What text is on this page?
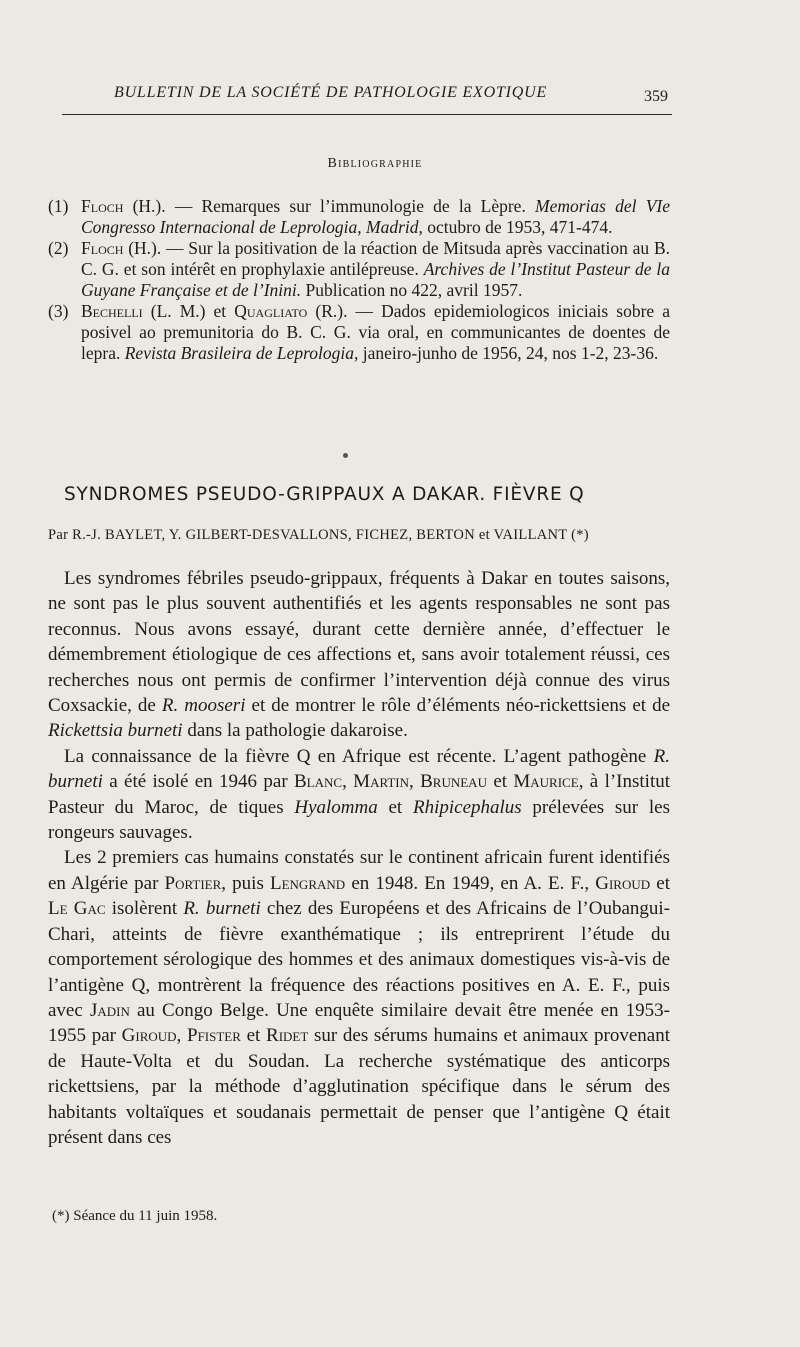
BULLETIN DE LA SOCIÉTÉ DE PATHOLOGIE EXOTIQUE	359
Bibliographie
(1) Floch (H.). — Remarques sur l’immunologie de la Lèpre. Memorias del VIe Congresso Internacional de Leprologia, Madrid, octubro de 1953, 471-474.
(2) Floch (H.). — Sur la positivation de la réaction de Mitsuda après vaccination au B. C. G. et son intérêt en prophylaxie antilépreuse. Archives de l’Institut Pasteur de la Guyane Française et de l’Inini. Publication no 422, avril 1957.
(3) Bechelli (L. M.) et Quagliato (R.). — Dados epidemiologicos iniciais sobre a posivel ao premunitoria do B. C. G. via oral, en communicantes de doentes de lepra. Revista Brasileira de Leprologia, janeiro-junho de 1956, 24, nos 1-2, 23-36.
SYNDROMES PSEUDO-GRIPPAUX A DAKAR. FIÈVRE Q
Par R.-J. BAYLET, Y. GILBERT-DESVALLONS, FICHEZ, BERTON et VAILLANT (*)

Les syndromes fébriles pseudo-grippaux, fréquents à Dakar en toutes saisons, ne sont pas le plus souvent authentifiés et les agents responsables ne sont pas reconnus. Nous avons essayé, durant cette dernière année, d’effectuer le démembrement étiologique de ces affections et, sans avoir totalement réussi, ces recherches nous ont permis de confirmer l’intervention déjà connue des virus Coxsackie, de R. mooseri et de montrer le rôle d’éléments néo-rickettsiens et de Rickettsia burneti dans la pathologie dakaroise.

La connaissance de la fièvre Q en Afrique est récente. L’agent pathogène R. burneti a été isolé en 1946 par Blanc, Martin, Bruneau et Maurice, à l’Institut Pasteur du Maroc, de tiques Hyalomma et Rhipicephalus prélevées sur les rongeurs sauvages.

Les 2 premiers cas humains constatés sur le continent africain furent identifiés en Algérie par Portier, puis Lengrand en 1948. En 1949, en A. E. F., Giroud et Le Gac isolèrent R. burneti chez des Européens et des Africains de l’Oubangui-Chari, atteints de fièvre exanthématique ; ils entreprirent l’étude du comportement sérologique des hommes et des animaux domestiques vis-à-vis de l’antigène Q, montrèrent la fréquence des réactions positives en A. E. F., puis avec Jadin au Congo Belge. Une enquête similaire devait être menée en 1953-1955 par Giroud, Pfister et Ridet sur des sérums humains et animaux provenant de Haute-Volta et du Soudan. La recherche systématique des anticorps rickettsiens, par la méthode d’agglutination spécifique dans le sérum des habitants voltaïques et soudanais permettait de penser que l’antigène Q était présent dans ces

(*) Séance du 11 juin 1958.
